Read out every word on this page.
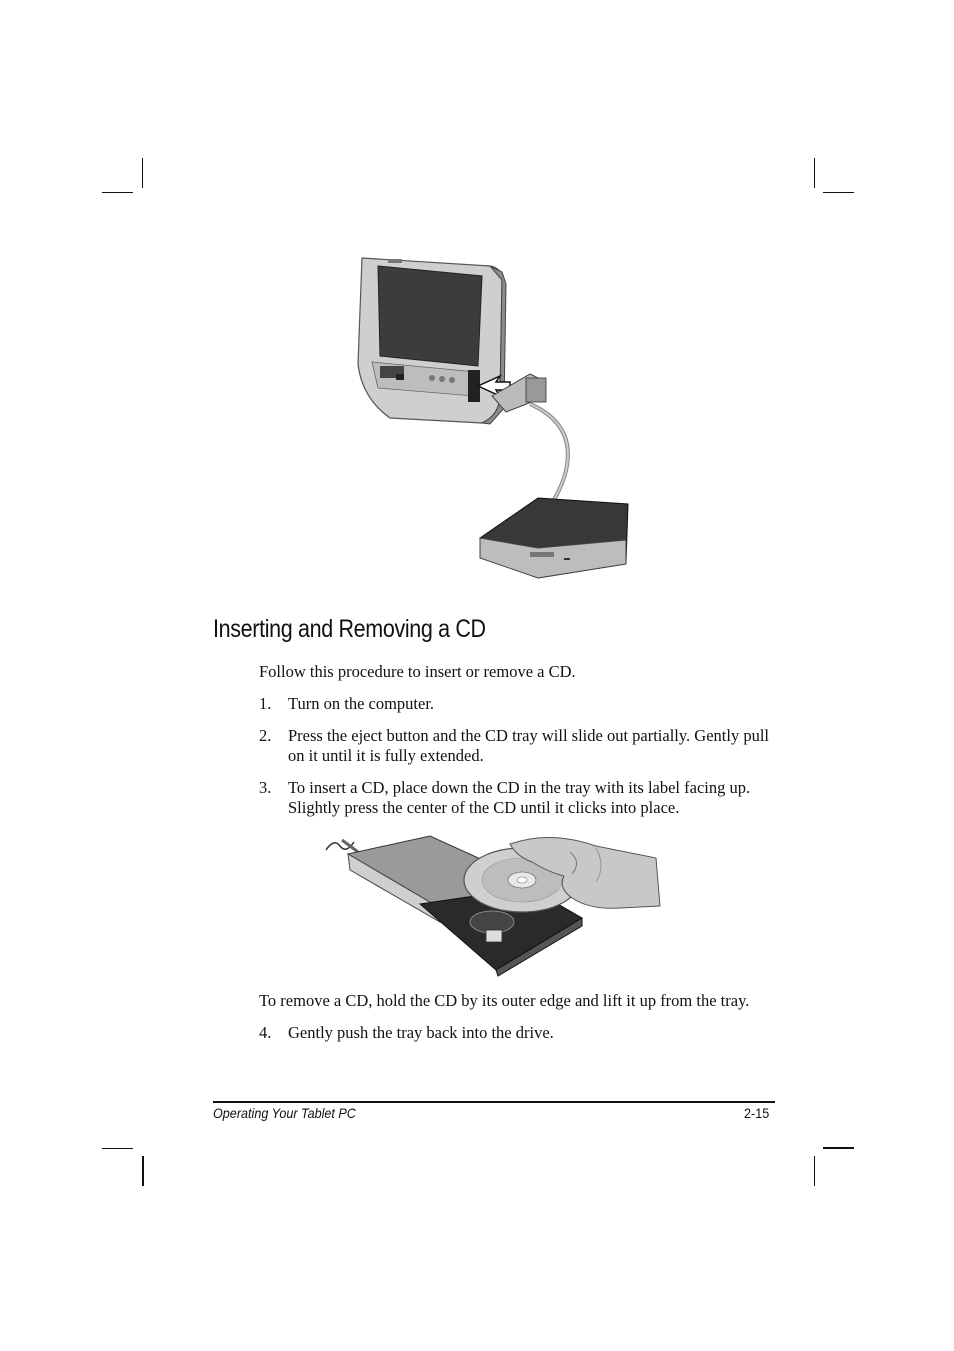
Inserting and Removing a CD
Follow this procedure to insert or remove a CD.
1.	Turn on the computer.
2.	Press the eject button and the CD tray will slide out partially. Gently pull on it until it is fully extended.
3.	To insert a CD, place down the CD in the tray with its label facing up. Slightly press the center of the CD until it clicks into place.
To remove a CD, hold the CD by its outer edge and lift it up from the tray.
4.	Gently push the tray back into the drive.
Operating Your Tablet PC	2-15
